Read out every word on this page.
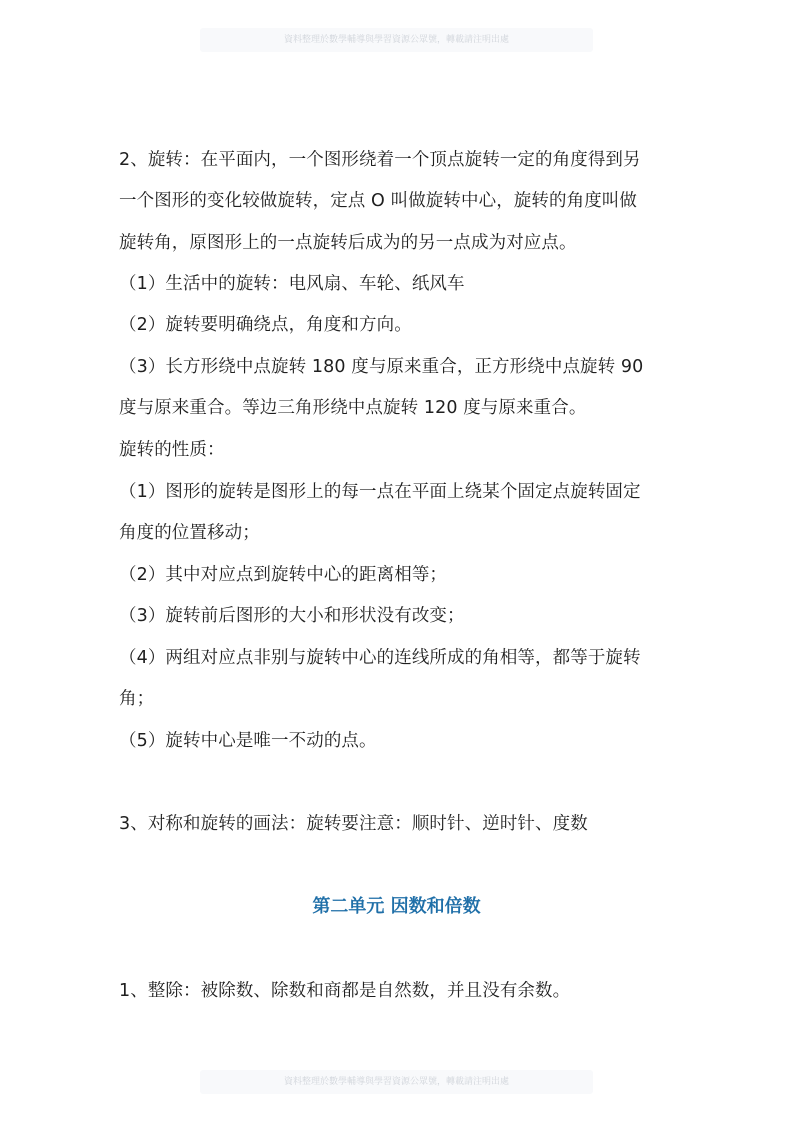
資料整理於數學輔導與學習資源公眾號，轉載請注明出處
2、旋转：在平面内，一个图形绕着一个顶点旋转一定的角度得到另
一个图形的变化较做旋转，定点 O 叫做旋转中心，旋转的角度叫做
旋转角，原图形上的一点旋转后成为的另一点成为对应点。
（1）生活中的旋转：电风扇、车轮、纸风车
（2）旋转要明确绕点，角度和方向。
（3）长方形绕中点旋转 180 度与原来重合，正方形绕中点旋转 90
度与原来重合。等边三角形绕中点旋转 120 度与原来重合。
旋转的性质：
（1）图形的旋转是图形上的每一点在平面上绕某个固定点旋转固定
角度的位置移动；
（2）其中对应点到旋转中心的距离相等；
（3）旋转前后图形的大小和形状没有改变；
（4）两组对应点非别与旋转中心的连线所成的角相等，都等于旋转
角；
（5）旋转中心是唯一不动的点。
3、对称和旋转的画法：旋转要注意：顺时针、逆时针、度数
第二单元 因数和倍数
1、整除：被除数、除数和商都是自然数，并且没有余数。
資料整理於數學輔導與學習資源公眾號，轉載請注明出處
